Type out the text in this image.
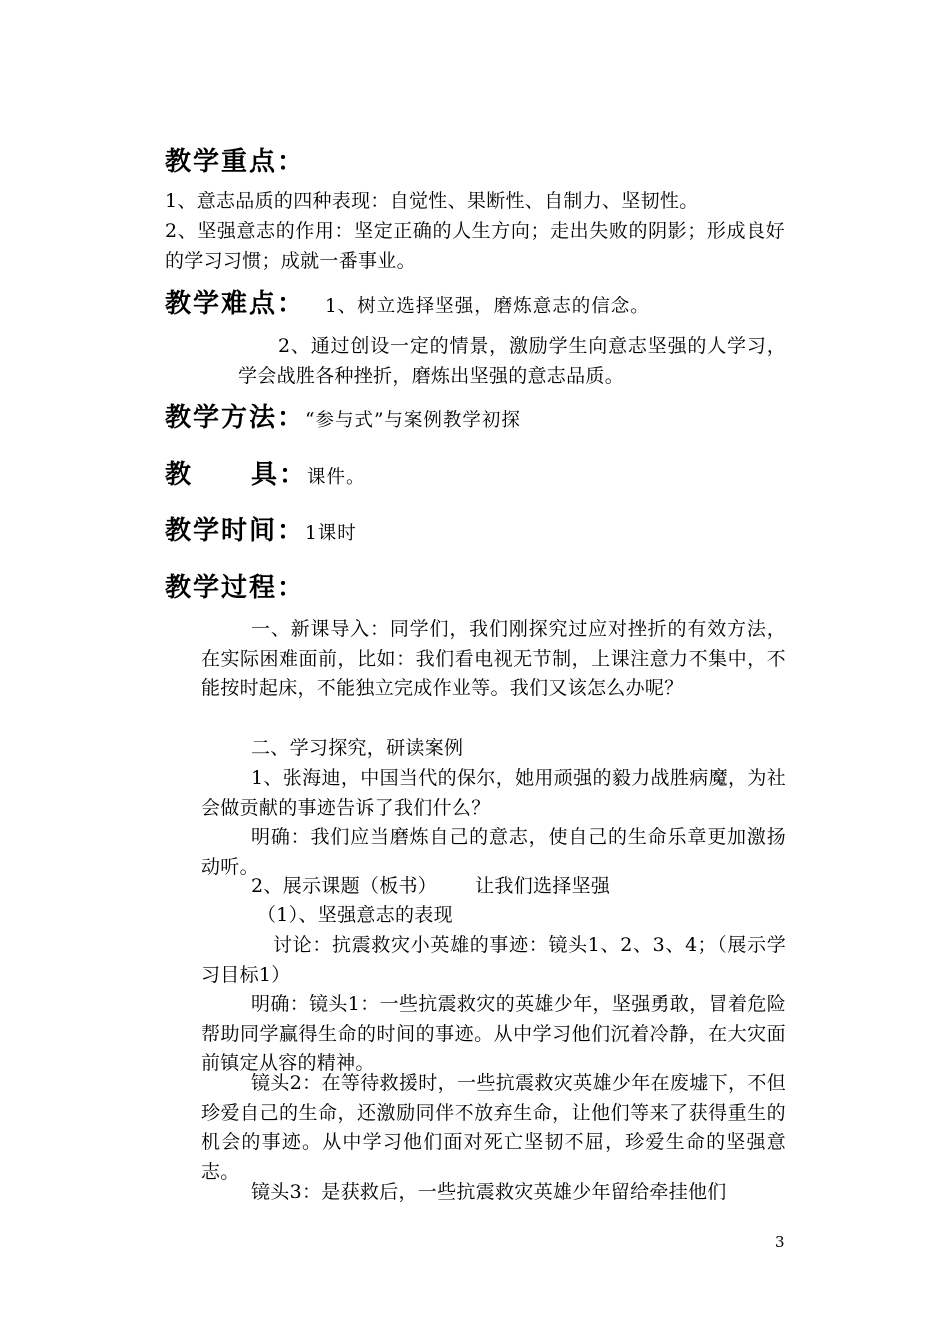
教学重点：

1、意志品质的四种表现：自觉性、果断性、自制力、坚韧性。

2、坚强意志的作用：坚定正确的人生方向；走出失败的阴影；形成良好的学习习惯；成就一番事业。

教学难点： 1、树立选择坚强，磨炼意志的信念。

2、通过创设一定的情景，激励学生向意志坚强的人学习，学会战胜各种挫折，磨炼出坚强的意志品质。

教学方法：“参与式”与案例教学初探
教 具：课件。
教学时间：1课时
教学过程：

一、新课导入：同学们，我们刚探究过应对挫折的有效方法，在实际困难面前，比如：我们看电视无节制，上课注意力不集中，不能按时起床，不能独立完成作业等。我们又该怎么办呢？

二、学习探究，研读案例

1、张海迪，中国当代的保尔，她用顽强的毅力战胜病魔，为社会做贡献的事迹告诉了我们什么？

明确：我们应当磨炼自己的意志，使自己的生命乐章更加激扬动听。

2、展示课题（板书）      让我们选择坚强

（1）、坚强意志的表现

讨论：抗震救灾小英雄的事迹：镜头1、2、3、4；（展示学习目标1）

明确：镜头1：一些抗震救灾的英雄少年，坚强勇敢，冒着危险帮助同学赢得生命的时间的事迹。从中学习他们沉着冷静，在大灾面前镇定从容的精神。

镜头2：在等待救援时，一些抗震救灾英雄少年在废墟下，不但珍爱自己的生命，还激励同伴不放弃生命，让他们等来了获得重生的机会的事迹。从中学习他们面对死亡坚韧不屈，珍爱生命的坚强意志。

镜头3：是获救后，一些抗震救灾英雄少年留给牵挂他们

3
